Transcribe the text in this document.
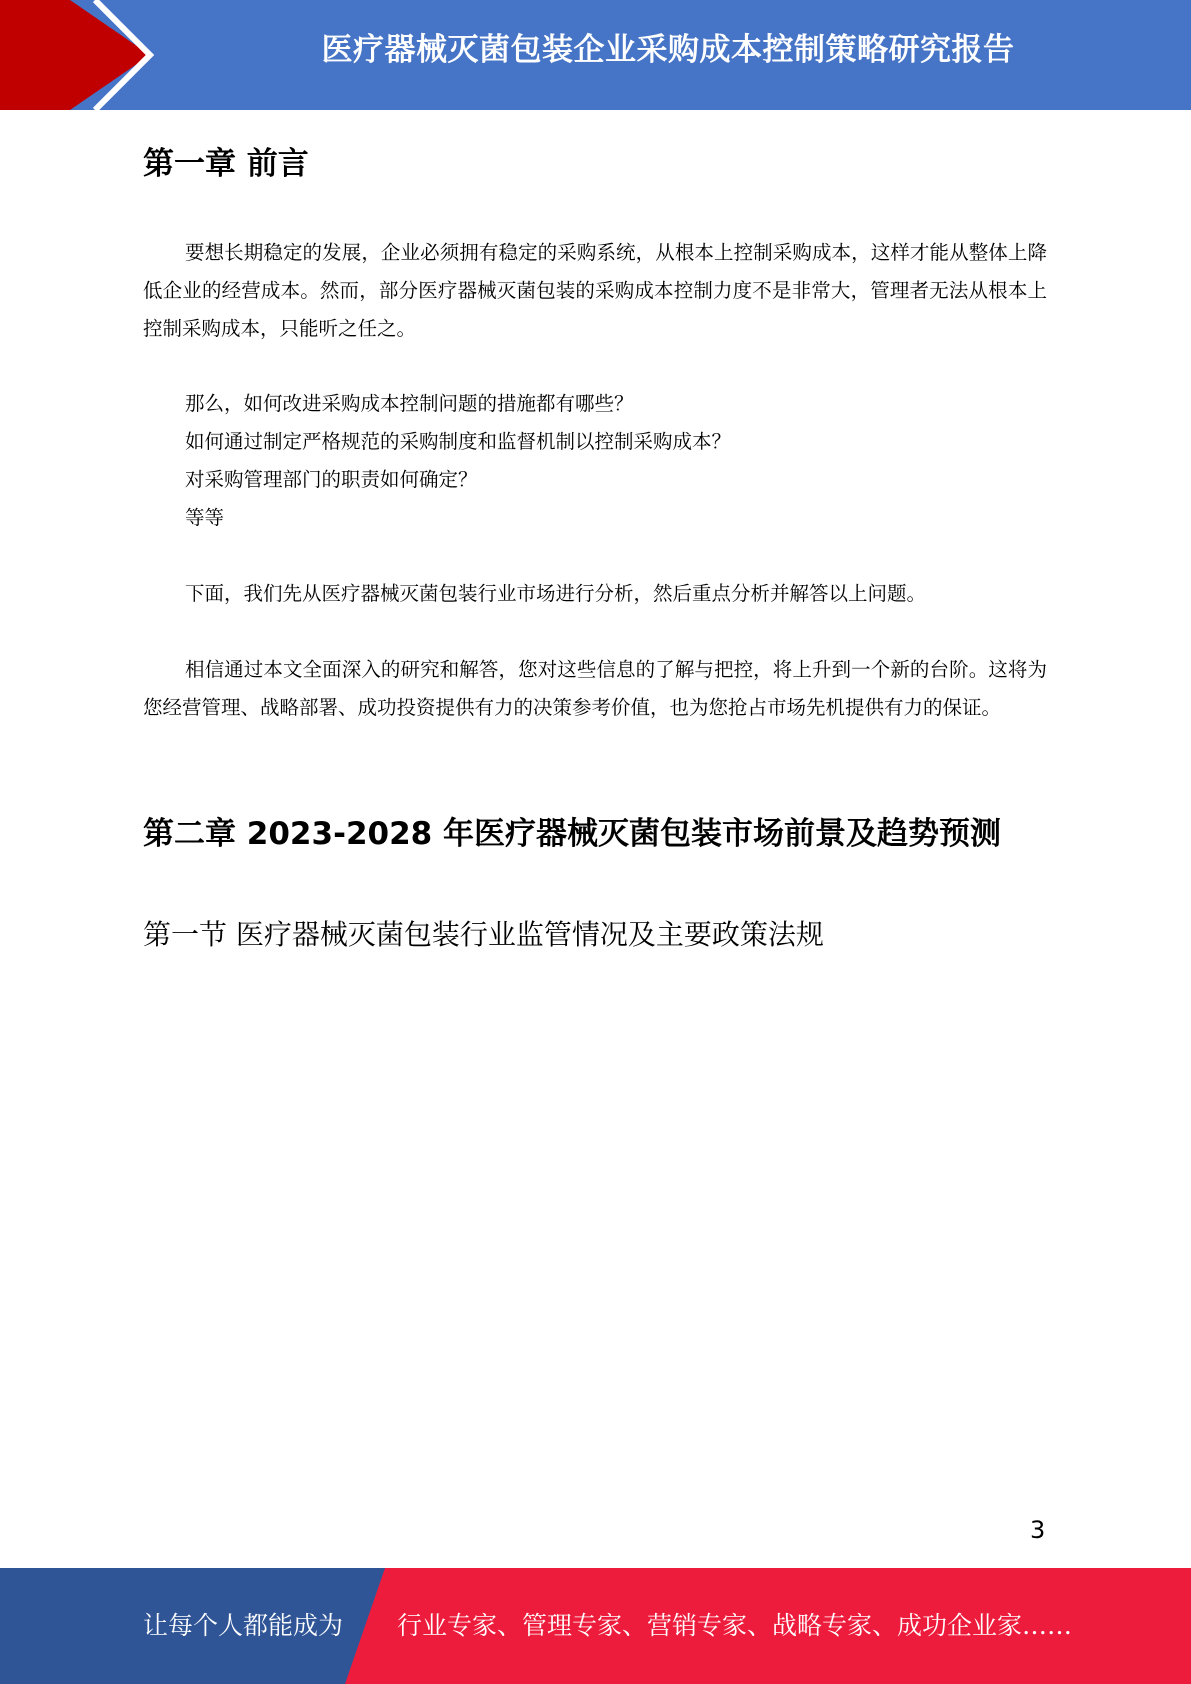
医疗器械灭菌包装企业采购成本控制策略研究报告
第一章 前言

要想长期稳定的发展，企业必须拥有稳定的采购系统，从根本上控制采购成本，这样才能从整体上降低企业的经营成本。然而，部分医疗器械灭菌包装的采购成本控制力度不是非常大，管理者无法从根本上控制采购成本，只能听之任之。

那么，如何改进采购成本控制问题的措施都有哪些？

如何通过制定严格规范的采购制度和监督机制以控制采购成本？

对采购管理部门的职责如何确定？

等等

下面，我们先从医疗器械灭菌包装行业市场进行分析，然后重点分析并解答以上问题。

相信通过本文全面深入的研究和解答，您对这些信息的了解与把控，将上升到一个新的台阶。这将为您经营管理、战略部署、成功投资提供有力的决策参考价值，也为您抢占市场先机提供有力的保证。

第二章 2023-2028 年医疗器械灭菌包装市场前景及趋势预测
第一节 医疗器械灭菌包装行业监管情况及主要政策法规
3
让每个人都能成为 行业专家、管理专家、营销专家、战略专家、成功企业家……
